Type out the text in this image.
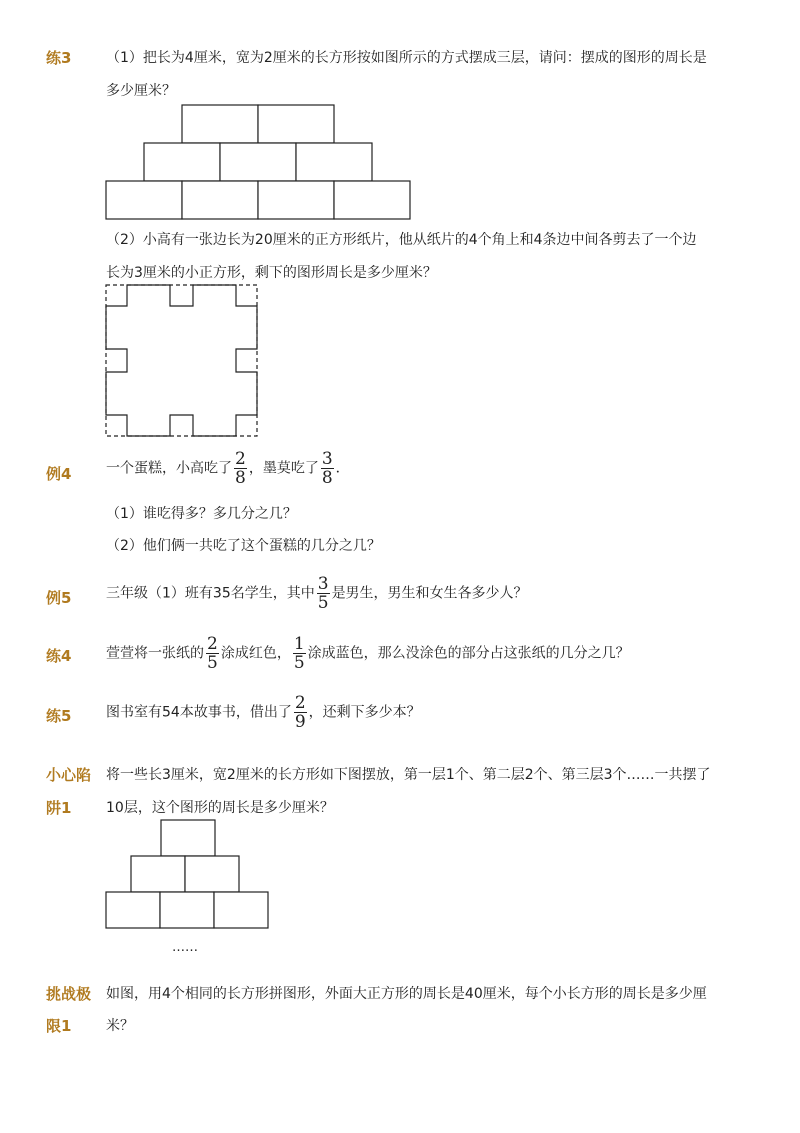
练3 （1）把长为4厘米，宽为2厘米的长方形按如图所示的方式摆成三层，请问：摆成的图形的周长是
多少厘米？
（2）小高有一张边长为20厘米的正方形纸片，他从纸片的4个角上和4条边中间各剪去了一个边
长为3厘米的小正方形，剩下的图形周长是多少厘米？
例4 一个蛋糕，小高吃了 $\frac{2}{8}$ ，墨莫吃了 $\frac{3}{8}$ ．
（1）谁吃得多？多几分之几？
（2）他们俩一共吃了这个蛋糕的几分之几？
例5 三年级（1）班有35名学生，其中 $\frac{3}{5}$ 是男生，男生和女生各多少人？
练4 萱萱将一张纸的 $\frac{2}{5}$ 涂成红色， $\frac{1}{5}$ 涂成蓝色，那么没涂色的部分占这张纸的几分之几？
练5 图书室有54本故事书，借出了 $\frac{2}{9}$ ，还剩下多少本？
小心陷
阱1
将一些长3厘米，宽2厘米的长方形如下图摆放，第一层1个、第二层2个、第三层3个……一共摆了
10层，这个图形的周长是多少厘米？
……
挑战极
限1
如图，用4个相同的长方形拼图形，外面大正方形的周长是40厘米，每个小长方形的周长是多少厘
米？
